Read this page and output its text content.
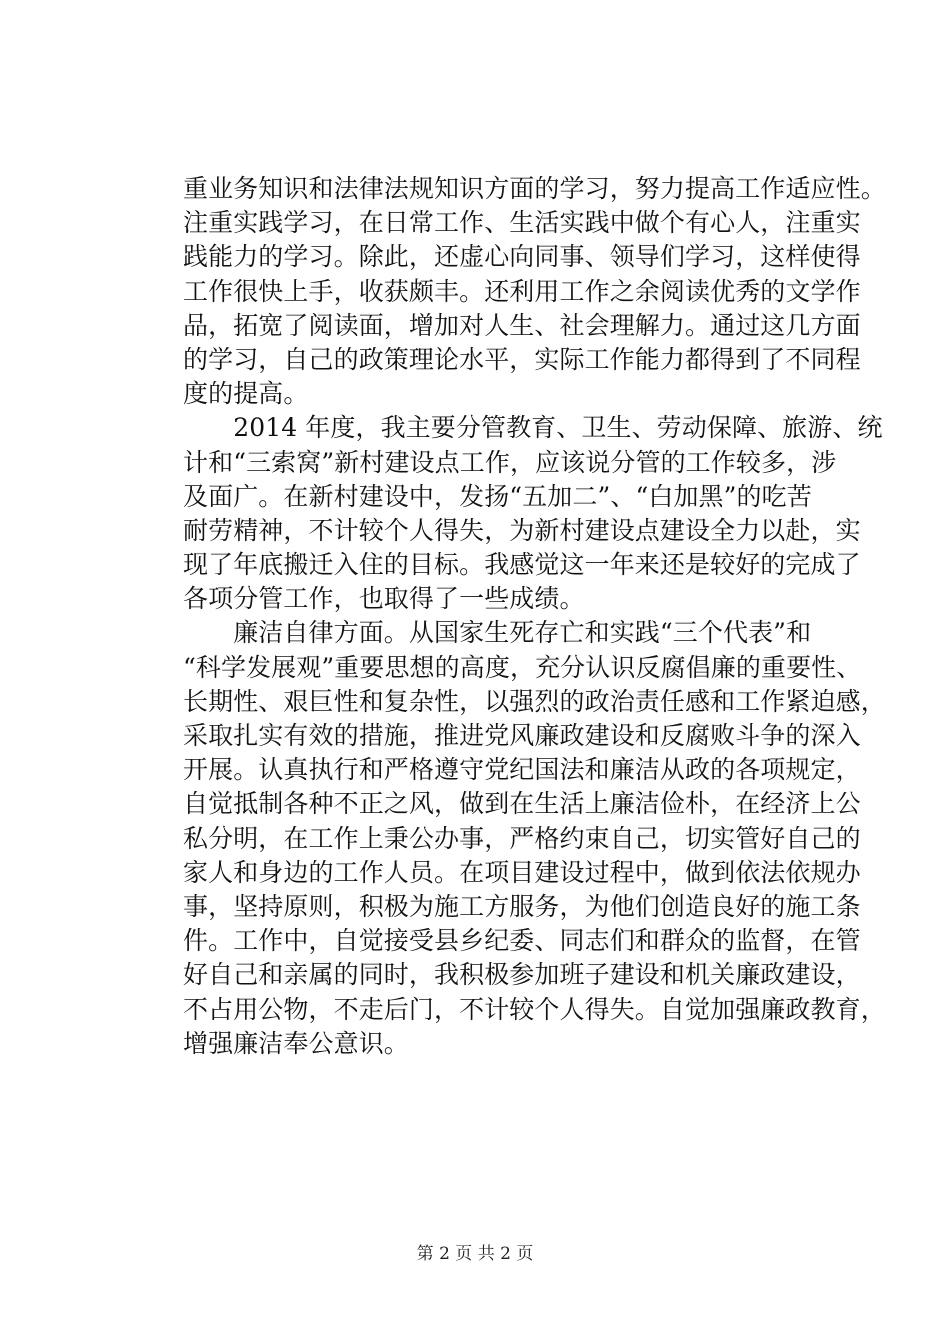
重业务知识和法律法规知识方面的学习，努力提高工作适应性。
注重实践学习，在日常工作、生活实践中做个有心人，注重实
践能力的学习。除此，还虚心向同事、领导们学习，这样使得
工作很快上手，收获颇丰。还利用工作之余阅读优秀的文学作
品，拓宽了阅读面，增加对人生、社会理解力。通过这几方面
的学习，自己的政策理论水平，实际工作能力都得到了不同程
度的提高。
　　2014 年度，我主要分管教育、卫生、劳动保障、旅游、统
计和“三索窝”新村建设点工作，应该说分管的工作较多，涉
及面广。在新村建设中，发扬“五加二”、“白加黑”的吃苦
耐劳精神，不计较个人得失，为新村建设点建设全力以赴，实
现了年底搬迁入住的目标。我感觉这一年来还是较好的完成了
各项分管工作，也取得了一些成绩。
　　廉洁自律方面。从国家生死存亡和实践“三个代表”和
“科学发展观”重要思想的高度，充分认识反腐倡廉的重要性、
长期性、艰巨性和复杂性，以强烈的政治责任感和工作紧迫感，
采取扎实有效的措施，推进党风廉政建设和反腐败斗争的深入
开展。认真执行和严格遵守党纪国法和廉洁从政的各项规定，
自觉抵制各种不正之风，做到在生活上廉洁俭朴，在经济上公
私分明，在工作上秉公办事，严格约束自己，切实管好自己的
家人和身边的工作人员。在项目建设过程中，做到依法依规办
事，坚持原则，积极为施工方服务，为他们创造良好的施工条
件。工作中，自觉接受县乡纪委、同志们和群众的监督，在管
好自己和亲属的同时，我积极参加班子建设和机关廉政建设，
不占用公物，不走后门，不计较个人得失。自觉加强廉政教育，
增强廉洁奉公意识。
第 2 页 共 2 页
